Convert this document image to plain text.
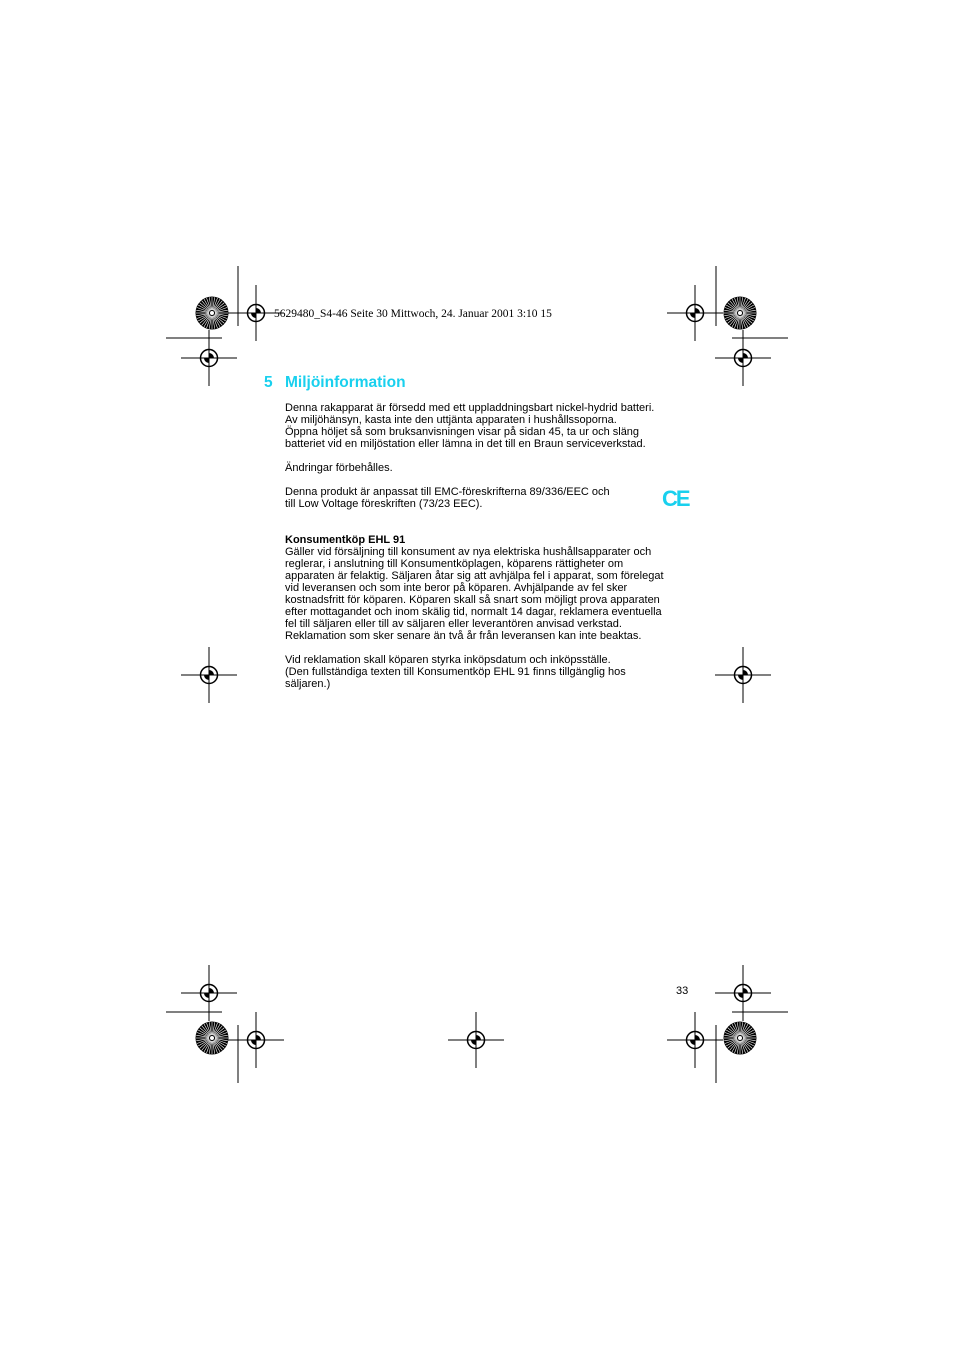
5629480_S4-46 Seite 30 Mittwoch, 24. Januar 2001 3:10 15
5 Miljöinformation

Denna rakapparat är försedd med ett uppladdningsbart nickel-hydrid batteri.
Av miljöhänsyn, kasta inte den uttjänta apparaten i hushållssoporna.
Öppna höljet så som bruksanvisningen visar på sidan 45, ta ur och släng
batteriet vid en miljöstation eller lämna in det till en Braun serviceverkstad.

Ändringar förbehålles.

Denna produkt är anpassat till EMC-föreskrifterna 89/336/EEC och
till Low Voltage föreskriften (73/23 EEC).	CE

Konsumentköp EHL 91
Gäller vid försäljning till konsument av nya elektriska hushållsapparater och
reglerar, i anslutning till Konsumentköplagen, köparens rättigheter om
apparaten är felaktig. Säljaren åtar sig att avhjälpa fel i apparat, som förelegat
vid leveransen och som inte beror på köparen. Avhjälpande av fel sker
kostnadsfritt för köparen. Köparen skall så snart som möjligt prova apparaten
efter mottagandet och inom skälig tid, normalt 14 dagar, reklamera eventuella
fel till säljaren eller till av säljaren eller leverantören anvisad verkstad.
Reklamation som sker senare än två år från leveransen kan inte beaktas.

Vid reklamation skall köparen styrka inköpsdatum och inköpsställe.
(Den fullständiga texten till Konsumentköp EHL 91 finns tillgänglig hos
säljaren.)

33
